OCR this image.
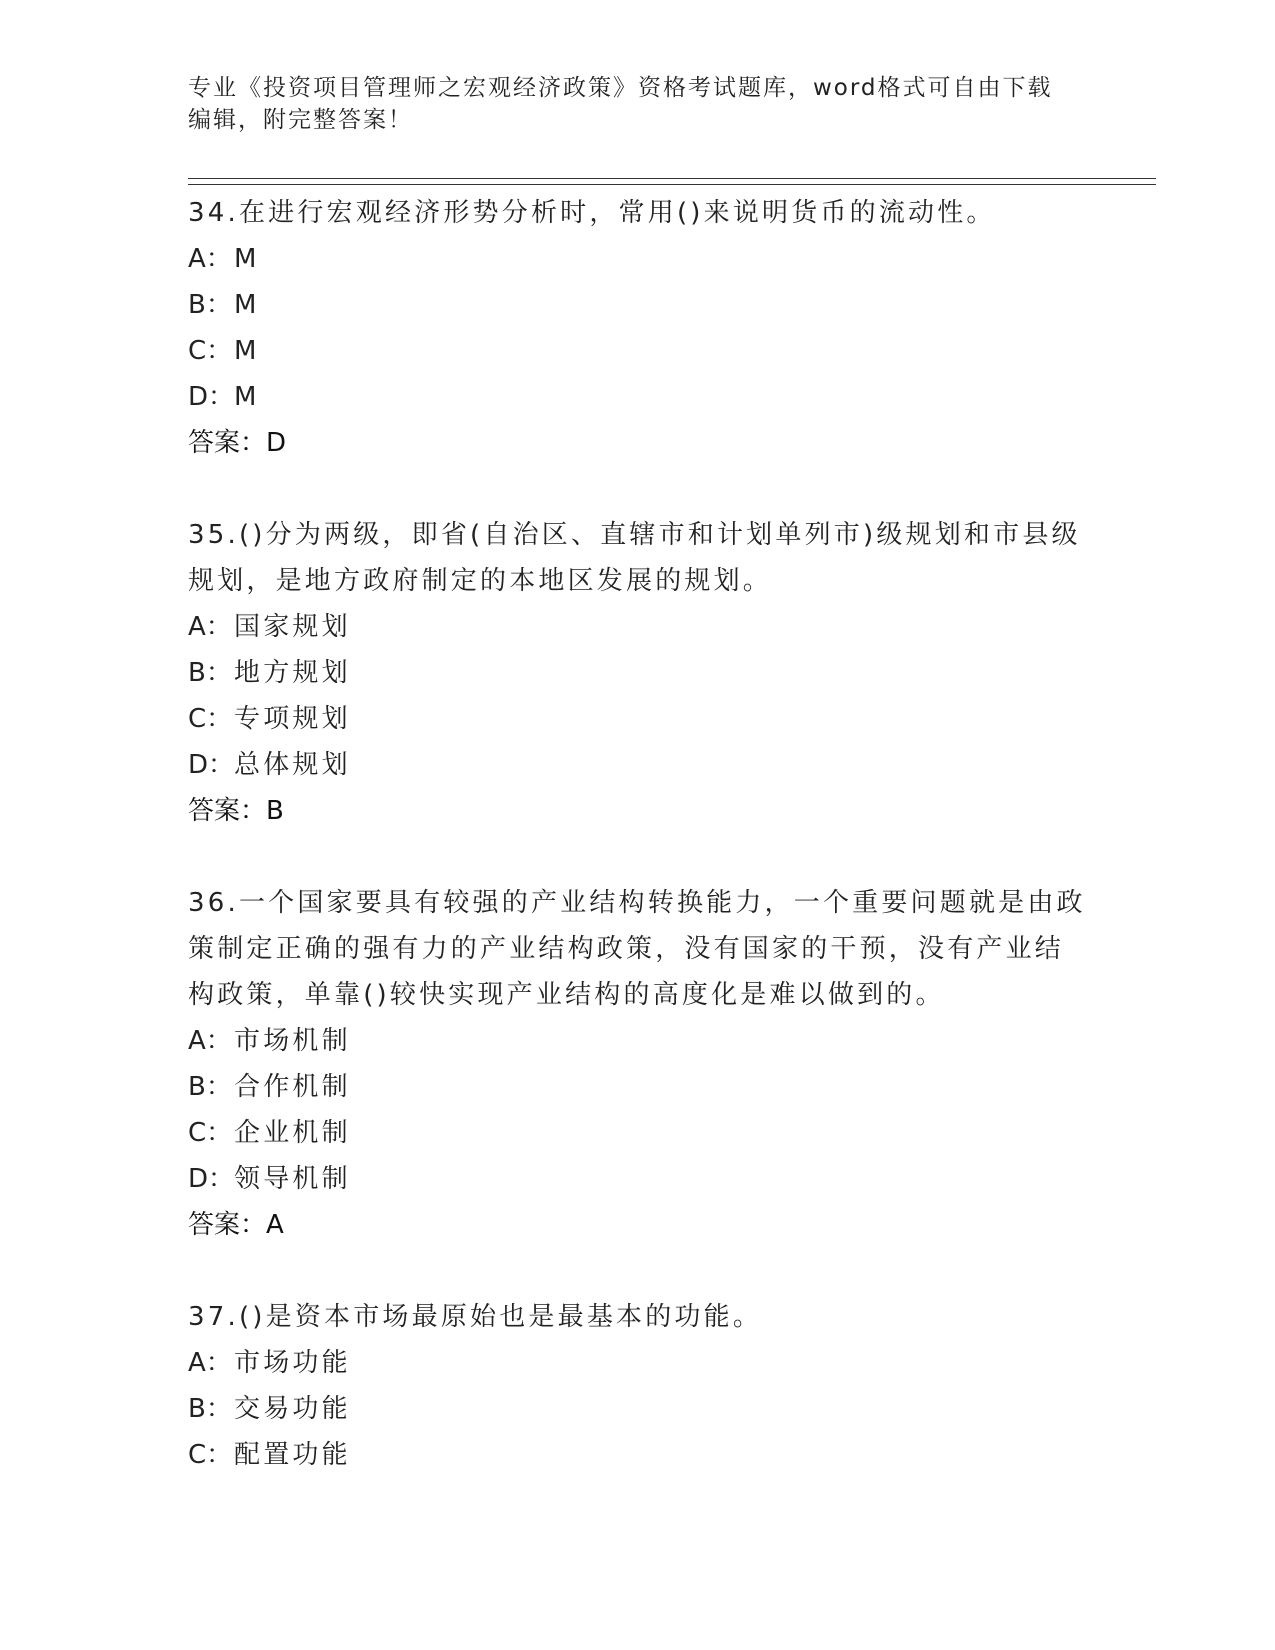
专业《投资项目管理师之宏观经济政策》资格考试题库，word格式可自由下载编辑，附完整答案！
34.在进行宏观经济形势分析时，常用()来说明货币的流动性。
A：M
B：M
C：M
D：M
答案：D
35.()分为两级，即省(自治区、直辖市和计划单列市)级规划和市县级规划，是地方政府制定的本地区发展的规划。
A：国家规划
B：地方规划
C：专项规划
D：总体规划
答案：B
36.一个国家要具有较强的产业结构转换能力，一个重要问题就是由政策制定正确的强有力的产业结构政策，没有国家的干预，没有产业结构政策，单靠()较快实现产业结构的高度化是难以做到的。
A：市场机制
B：合作机制
C：企业机制
D：领导机制
答案：A
37.()是资本市场最原始也是最基本的功能。
A：市场功能
B：交易功能
C：配置功能
